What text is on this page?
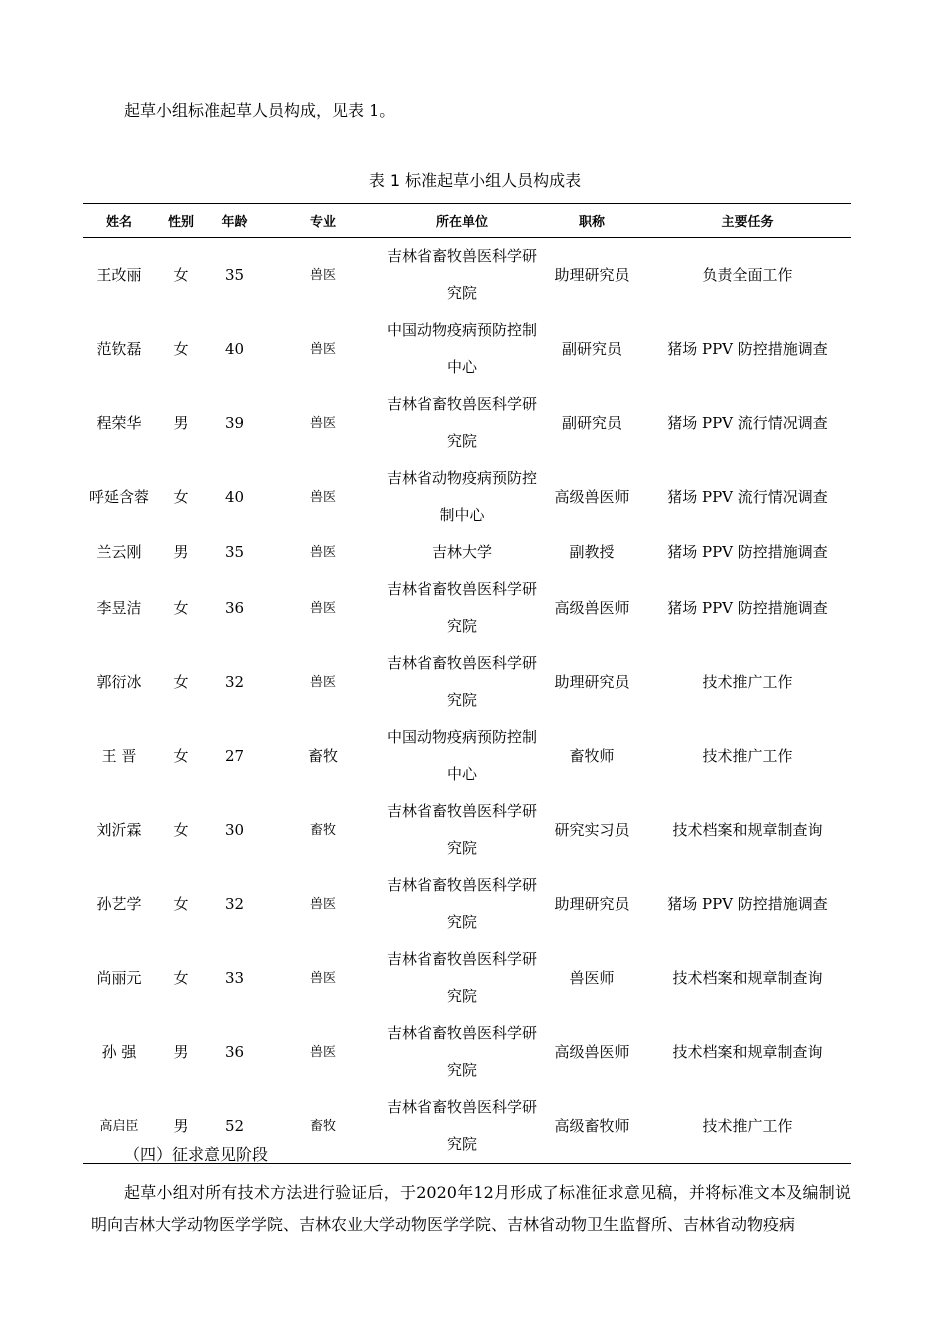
起草小组标准起草人员构成，见表 1。
表 1 标准起草小组人员构成表
姓名	性别	年龄	专业	所在单位	职称	主要任务
王改丽	女	35	兽医	吉林省畜牧兽医科学研究院	助理研究员	负责全面工作
范钦磊	女	40	兽医	中国动物疫病预防控制中心	副研究员	猪场 PPV 防控措施调查
程荣华	男	39	兽医	吉林省畜牧兽医科学研究院	副研究员	猪场 PPV 流行情况调查
呼延含蓉	女	40	兽医	吉林省动物疫病预防控制中心	高级兽医师	猪场 PPV 流行情况调查
兰云刚	男	35	兽医	吉林大学	副教授	猪场 PPV 防控措施调查
李昱洁	女	36	兽医	吉林省畜牧兽医科学研究院	高级兽医师	猪场 PPV 防控措施调查
郭衍冰	女	32	兽医	吉林省畜牧兽医科学研究院	助理研究员	技术推广工作
王 晋	女	27	畜牧	中国动物疫病预防控制中心	畜牧师	技术推广工作
刘沂霖	女	30	畜牧	吉林省畜牧兽医科学研究院	研究实习员	技术档案和规章制查询
孙艺学	女	32	兽医	吉林省畜牧兽医科学研究院	助理研究员	猪场 PPV 防控措施调查
尚丽元	女	33	兽医	吉林省畜牧兽医科学研究院	兽医师	技术档案和规章制查询
孙 强	男	36	兽医	吉林省畜牧兽医科学研究院	高级兽医师	技术档案和规章制查询
高启臣	男	52	畜牧	吉林省畜牧兽医科学研究院	高级畜牧师	技术推广工作
（四）征求意见阶段
起草小组对所有技术方法进行验证后，于2020年12月形成了标准征求意见稿，并将标准文本及编制说明向吉林大学动物医学学院、吉林农业大学动物医学学院、吉林省动物卫生监督所、吉林省动物疫病
